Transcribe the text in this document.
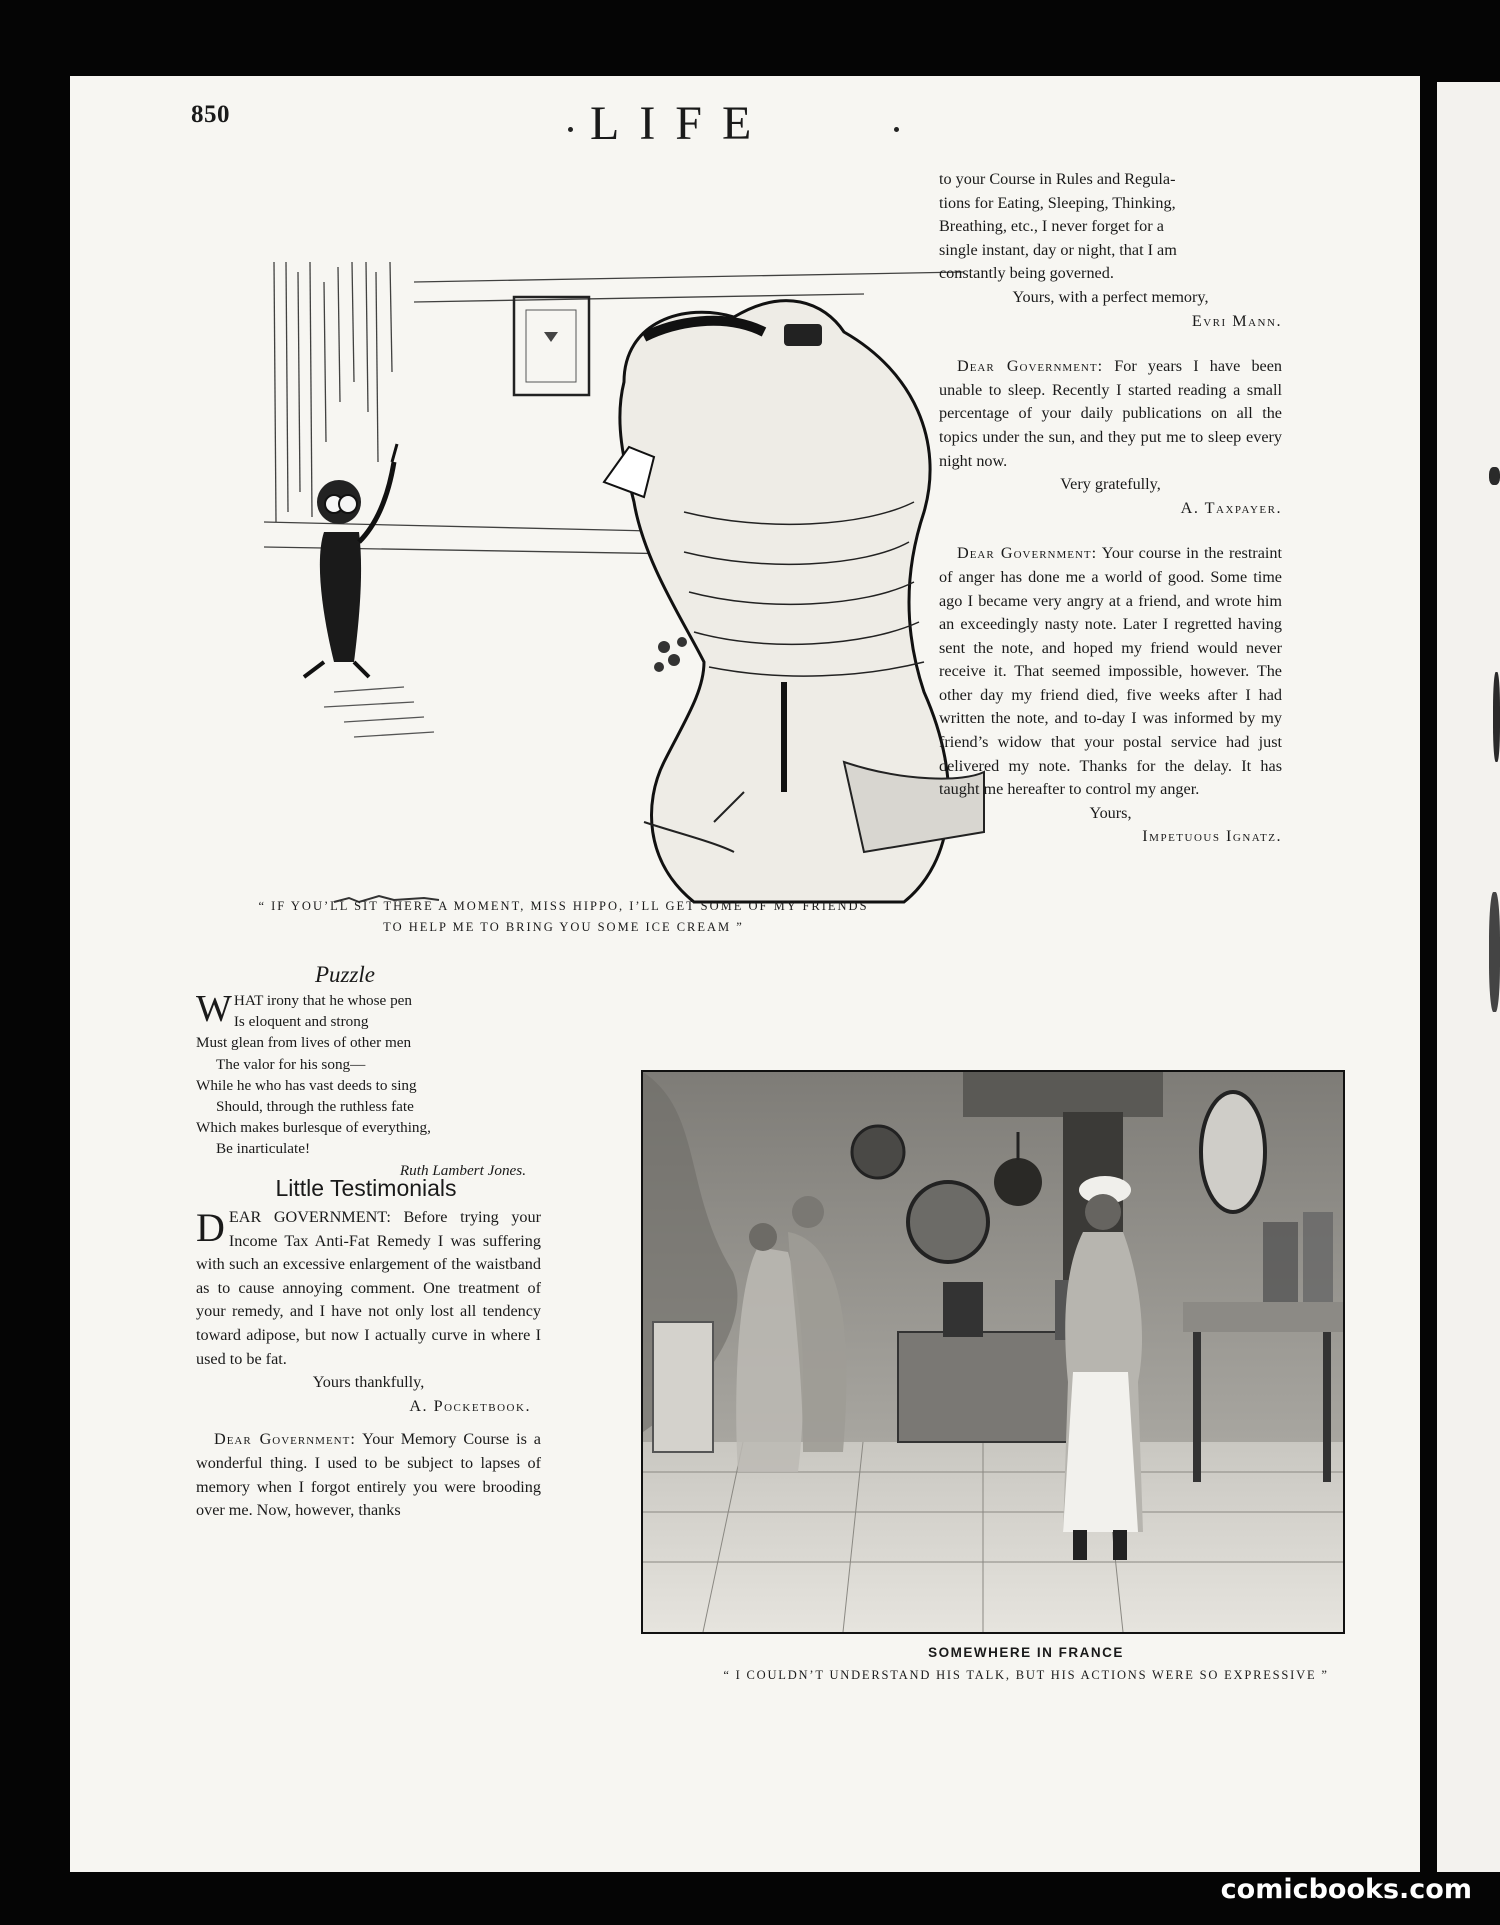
850	LIFE
“ IF YOU’LL SIT THERE A MOMENT, MISS HIPPO, I’LL GET SOME OF MY FRIENDS
TO HELP ME TO BRING YOU SOME ICE CREAM ”

to your Course in Rules and Regula-

tions for Eating, Sleeping, Thinking,

Breathing, etc., I never forget for a

single instant, day or night, that I am

constantly being governed.

Yours, with a perfect memory,

Evri Mann.

Dear Government: For years I have been unable to sleep. Recently I started reading a small percentage of your daily publications on all the topics under the sun, and they put me to sleep every night now.

Very gratefully,

A. Taxpayer.

Dear Government: Your course in the restraint of anger has done me a world of good. Some time ago I became very angry at a friend, and wrote him an exceedingly nasty note. Later I regretted having sent the note, and hoped my friend would never receive it. That seemed impossible, however. The other day my friend died, five weeks after I had written the note, and to-day I was informed by my friend’s widow that your postal service had just delivered my note. Thanks for the delay. It has taught me hereafter to control my anger.

Yours,

Impetuous Ignatz.

Puzzle
W HAT irony that he whose pen
Is eloquent and strong
Must glean from lives of other men
The valor for his song—
While he who has vast deeds to sing
Should, through the ruthless fate
Which makes burlesque of everything,
Be inarticulate!
Ruth Lambert Jones.
Little Testimonials

DEAR GOVERNMENT: Before trying your Income Tax Anti-Fat Remedy I was suffering with such an excessive enlargement of the waistband as to cause annoying comment. One treatment of your remedy, and I have not only lost all tendency toward adipose, but now I actually curve in where I used to be fat.

Yours thankfully,

A. Pocketbook.

Dear Government: Your Memory Course is a wonderful thing. I used to be subject to lapses of memory when I forgot entirely you were brooding over me. Now, however, thanks

SOMEWHERE IN FRANCE
“ I COULDN’T UNDERSTAND HIS TALK, BUT HIS ACTIONS WERE SO EXPRESSIVE ”
comicbooks.com
